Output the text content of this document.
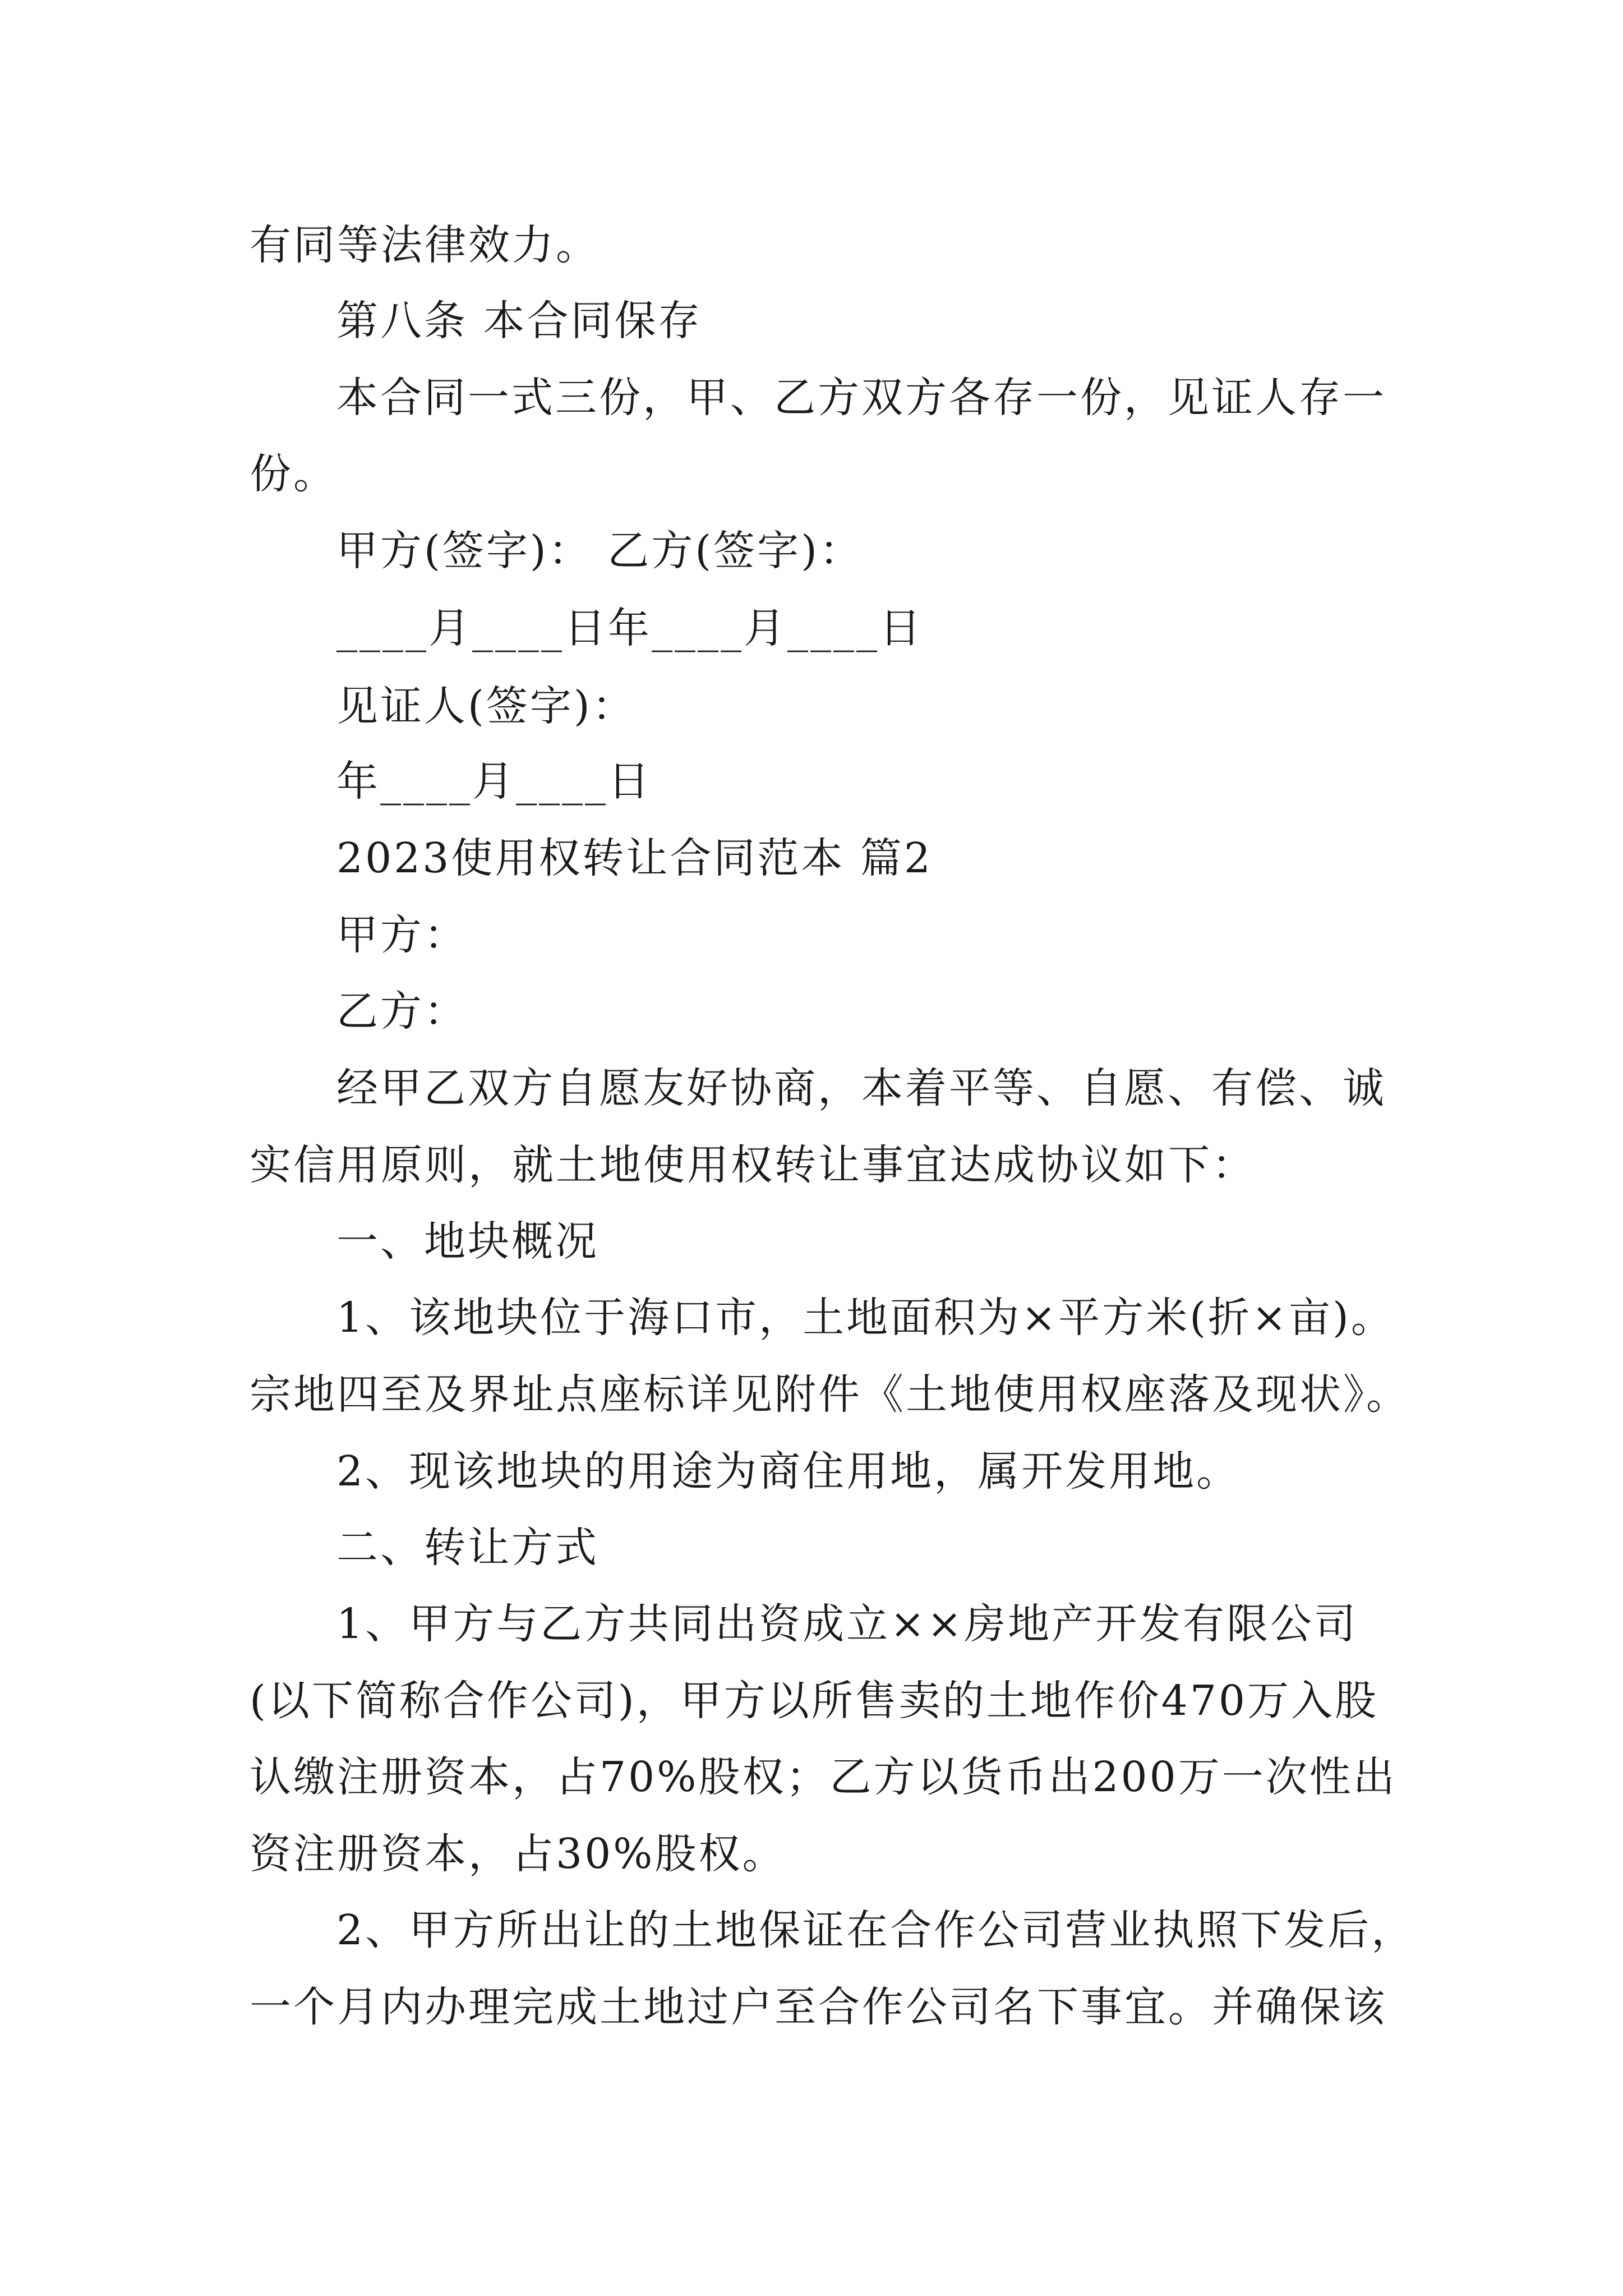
有同等法律效力。
第八条 本合同保存
本合同一式三份，甲、乙方双方各存一份，见证人存一
份。
甲方(签字)： 乙方(签字)：
____月____日年____月____日
见证人(签字)：
年____月____日
2023使用权转让合同范本 篇2
甲方：
乙方：
经甲乙双方自愿友好协商，本着平等、自愿、有偿、诚
实信用原则，就土地使用权转让事宜达成协议如下：
一、地块概况
1、该地块位于海口市，土地面积为×平方米(折×亩)。
宗地四至及界址点座标详见附件《土地使用权座落及现状》。
2、现该地块的用途为商住用地，属开发用地。
二、转让方式
1、甲方与乙方共同出资成立××房地产开发有限公司
(以下简称合作公司)，甲方以所售卖的土地作价470万入股
认缴注册资本，占70%股权；乙方以货币出200万一次性出
资注册资本，占30%股权。
2、甲方所出让的土地保证在合作公司营业执照下发后，
一个月内办理完成土地过户至合作公司名下事宜。并确保该
